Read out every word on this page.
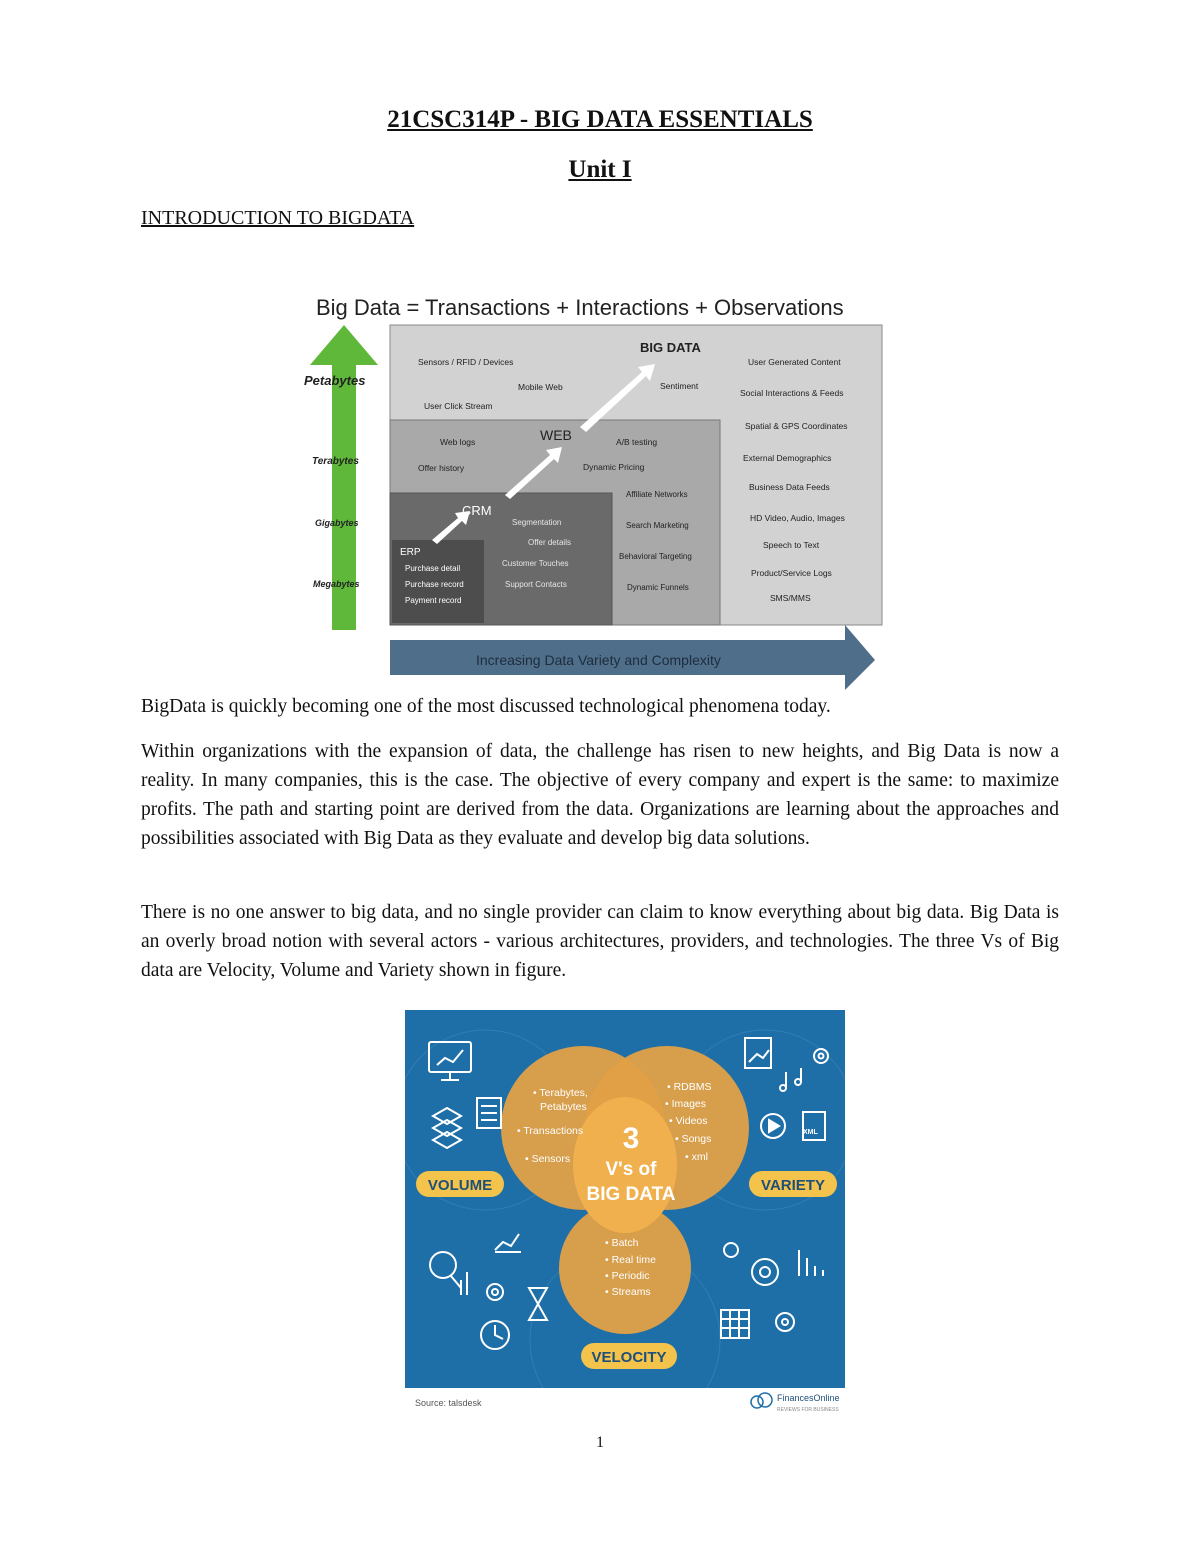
21CSC314P - BIG DATA ESSENTIALS
Unit I
INTRODUCTION TO BIGDATA
Big Data = Transactions + Interactions + Observations
Increasing Data Variety and Complexity
Petabytes
Terabytes
Gigabytes
Megabytes
ERP
Purchase detail
Purchase record
Payment record
CRM
Segmentation
Offer details
Customer Touches
Support Contacts
WEB
Web logs
Offer history
A/B testing
Dynamic Pricing
Affiliate Networks
Search Marketing
Behavioral Targeting
Dynamic Funnels
BIG DATA
Sensors / RFID / Devices
Mobile Web	Sentiment
User Click Stream
User Generated Content
Social Interactions & Feeds
Spatial & GPS Coordinates
External Demographics
Business Data Feeds
HD Video, Audio, Images
Speech to Text
Product/Service Logs
SMS/MMS
BigData is quickly becoming one of the most discussed technological phenomena today.
Within organizations with the expansion of data, the challenge has risen to new heights, and Big Data is now a reality. In many companies, this is the case. The objective of every company and expert is the same: to maximize profits. The path and starting point are derived from the data. Organizations are learning about the approaches and possibilities associated with Big Data as they evaluate and develop big data solutions.
There is no one answer to big data, and no single provider can claim to know everything about big data. Big Data is an overly broad notion with several actors - various architectures, providers, and technologies. The three Vs of Big data are Velocity, Volume and Variety shown in figure.
3
V's of
BIG DATA
• Terabytes,
Petabytes
• Transactions
• Sensors
• RDBMS
• Images
• Videos
• Songs
• xml
• Batch
• Real time
• Periodic
• Streams
VOLUME	VARIETY
VELOCITY
XML
Source: talsdesk	FinancesOnline
REVIEWS FOR BUSINESS
1
